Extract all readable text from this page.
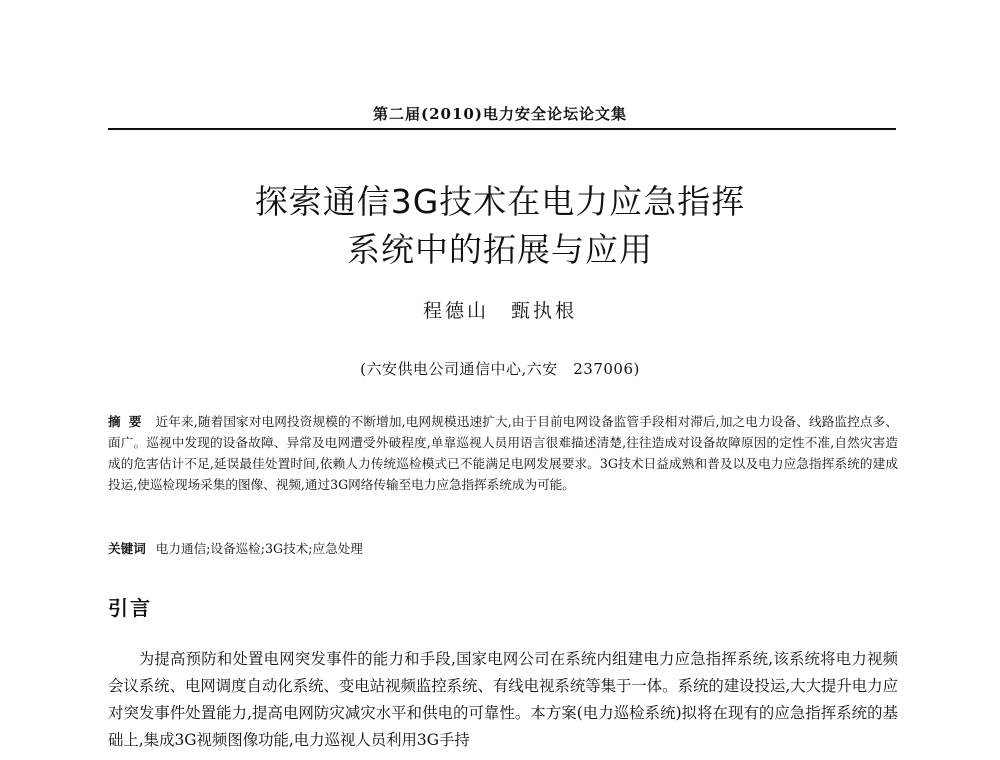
第二届(2010)电力安全论坛论文集
探索通信3G技术在电力应急指挥
系统中的拓展与应用
程德山　甄执根
(六安供电公司通信中心,六安　237006)
摘要 近年来,随着国家对电网投资规模的不断增加,电网规模迅速扩大,由于目前电网设备监管手段相对滞后,加之电力设备、线路监控点多、面广。巡视中发现的设备故障、异常及电网遭受外破程度,单靠巡视人员用语言很难描述清楚,往往造成对设备故障原因的定性不准,自然灾害造成的危害估计不足,延误最佳处置时间,依赖人力传统巡检模式已不能满足电网发展要求。3G技术日益成熟和普及以及电力应急指挥系统的建成投运,使巡检现场采集的图像、视频,通过3G网络传输至电力应急指挥系统成为可能。
关键词 电力通信;设备巡检;3G技术;应急处理
引言
为提高预防和处置电网突发事件的能力和手段,国家电网公司在系统内组建电力应急指挥系统,该系统将电力视频会议系统、电网调度自动化系统、变电站视频监控系统、有线电视系统等集于一体。系统的建设投运,大大提升电力应对突发事件处置能力,提高电网防灾减灾水平和供电的可靠性。本方案(电力巡检系统)拟将在现有的应急指挥系统的基础上,集成3G视频图像功能,电力巡视人员利用3G手持
